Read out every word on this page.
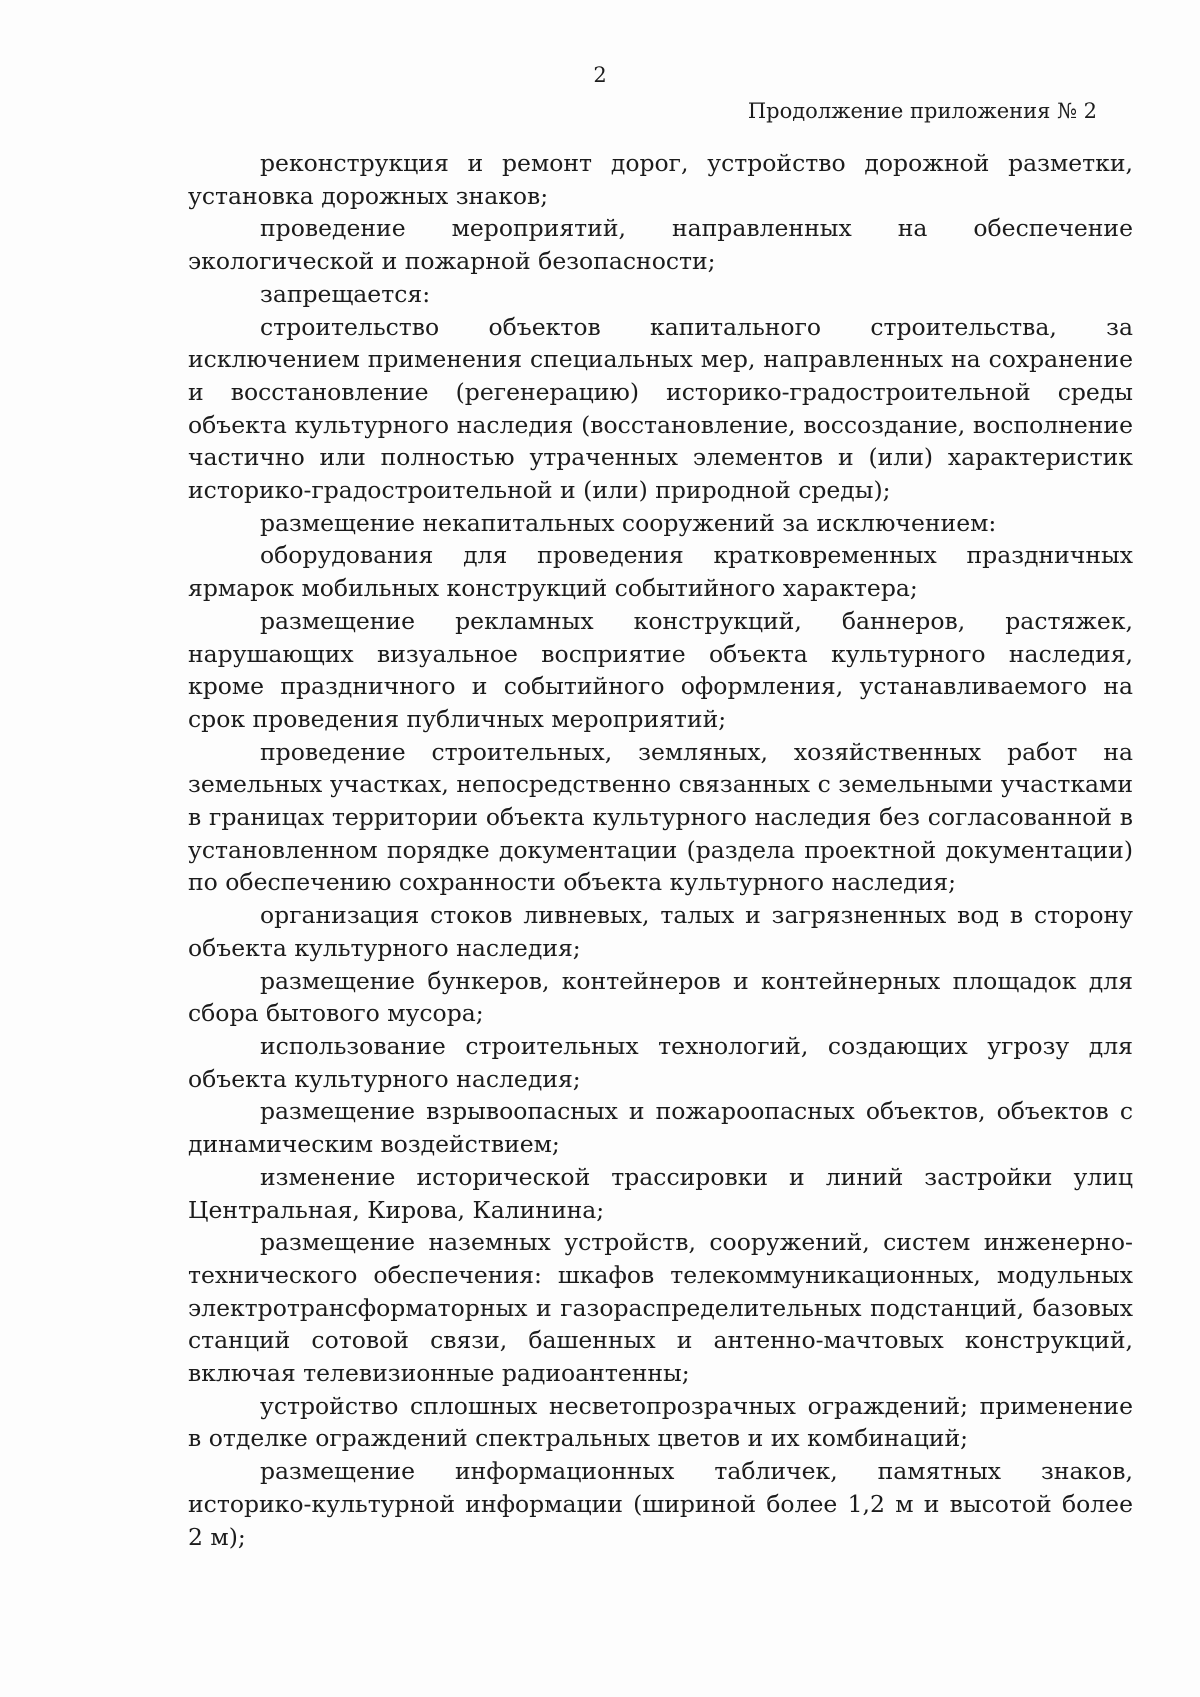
2
Продолжение приложения № 2

реконструкция и ремонт дорог, устройство дорожной разметки, установка дорожных знаков;

проведение мероприятий, направленных на обеспечение экологической и пожарной безопасности;

запрещается:

строительство объектов капитального строительства, за исключением применения специальных мер, направленных на сохранение и восстановление (регенерацию) историко-градостроительной среды объекта культурного наследия (восстановление, воссоздание, восполнение частично или полностью утраченных элементов и (или) характеристик историко-градостроительной и (или) природной среды);

размещение некапитальных сооружений за исключением:

оборудования для проведения кратковременных праздничных ярмарок мобильных конструкций событийного характера;

размещение рекламных конструкций, баннеров, растяжек, нарушающих визуальное восприятие объекта культурного наследия, кроме праздничного и событийного оформления, устанавливаемого на срок проведения публичных мероприятий;

проведение строительных, земляных, хозяйственных работ на земельных участках, непосредственно связанных с земельными участками в границах территории объекта культурного наследия без согласованной в установленном порядке документации (раздела проектной документации) по обеспечению сохранности объекта культурного наследия;

организация стоков ливневых, талых и загрязненных вод в сторону объекта культурного наследия;

размещение бункеров, контейнеров и контейнерных площадок для сбора бытового мусора;

использование строительных технологий, создающих угрозу для объекта культурного наследия;

размещение взрывоопасных и пожароопасных объектов, объектов с динамическим воздействием;

изменение исторической трассировки и линий застройки улиц Центральная, Кирова, Калинина;

размещение наземных устройств, сооружений, систем инженерно-технического обеспечения: шкафов телекоммуникационных, модульных электротрансформаторных и газораспределительных подстанций, базовых станций сотовой связи, башенных и антенно-мачтовых конструкций, включая телевизионные радиоантенны;

устройство сплошных несветопрозрачных ограждений; применение в отделке ограждений спектральных цветов и их комбинаций;

размещение информационных табличек, памятных знаков, историко-культурной информации (шириной более 1,2 м и высотой более 2 м);
